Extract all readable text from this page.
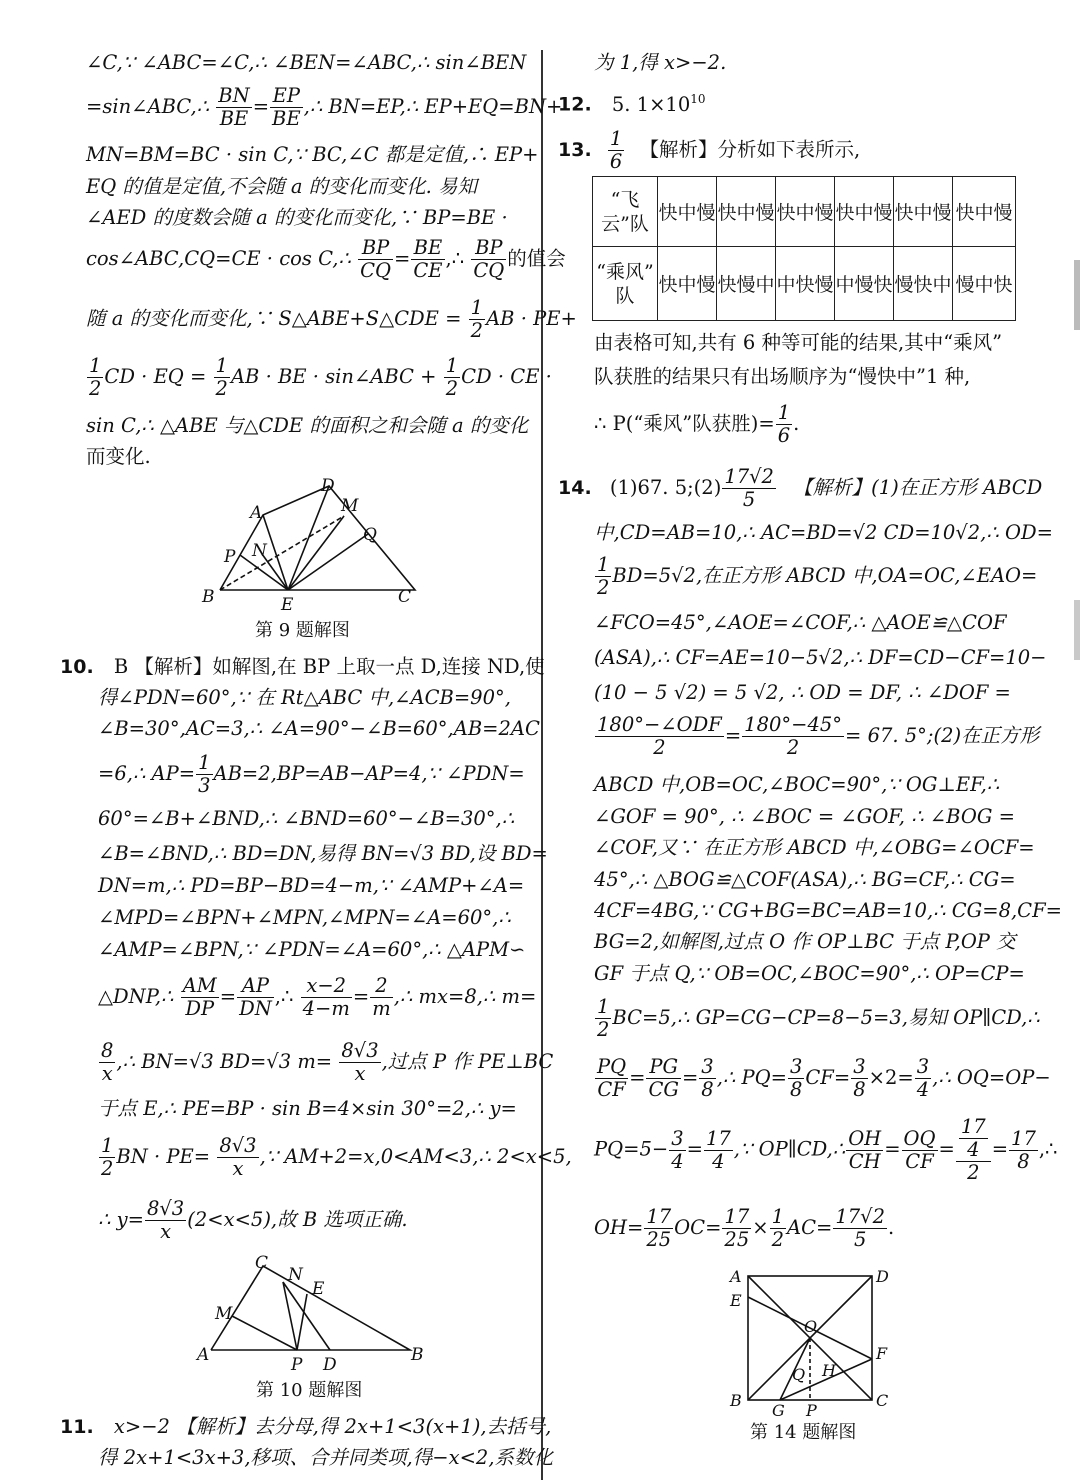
∠C,∵ ∠ABC=∠C,∴ ∠BEN=∠ABC,∴ sin∠BEN
=sin∠ABC,∴ $\frac{BN}{BE} = \frac{EP}{BE}$ ,∴ BN=EP,∴ EP+EQ=BN+
MN=BM=BC · sin C,∵ BC,∠C 都是定值,∴ EP+
EQ 的值是定值,不会随 a 的变化而变化. 易知
∠AED 的度数会随 a 的变化而变化,∵ BP=BE ·
cos∠ABC,CQ=CE · cos C,∴ $\frac{BP}{CQ} = \frac{BE}{CE}$ ,∴ $\frac{BP}{CQ}$ 的值会
随 a 的变化而变化,∵ S△ABE+S△CDE = $\frac{1}{2}$ AB · PE+
$\frac{1}{2}$ CD · EQ = $\frac{1}{2}$ AB · BE · sin∠ABC + $\frac{1}{2}$ CD · CE ·
sin C,∴ △ABE 与△CDE 的面积之和会随 a 的变化
而变化.
A
B	C
D
E
M
N
P
Q
第 9 题解图
10. B 【解析】如解图,在 BP 上取一点 D,连接 ND,使
得∠PDN=60°,∵ 在 Rt△ABC 中,∠ACB=90°,
∠B=30°,AC=3,∴ ∠A=90°−∠B=60°,AB=2AC
=6,∴ $AP= \frac{1}{3}$ AB=2,BP=AB−AP=4,∵ ∠PDN=
60°=∠B+∠BND,∴ ∠BND=60°−∠B=30°,∴
∠B=∠BND,∴ BD=DN,易得 BN=√3 BD,设 BD=
DN=m,∴ PD=BP−BD=4−m,∵ ∠AMP+∠A=
∠MPD=∠BPN+∠MPN,∠MPN=∠A=60°,∴
∠AMP=∠BPN,∵ ∠PDN=∠A=60°,∴ △APM∽
△DNP,∴ $\frac{AM}{DP} = \frac{AP}{DN}$ ,∴ $\frac{x-2}{4-m} = \frac{2}{m}$ ,∴ mx=8,∴ m=
$\frac{8}{x}$ ,∴ BN=√3 BD=√3 $m= \frac{8√3}{x}$ ,过点 P 作 PE⊥BC
于点 E,∴ PE=BP · sin B=4×sin 30°=2,∴ y=
$\frac{1}{2}$ BN · $PE= \frac{8√3}{x}$ ,∵ AM+2=x,0<AM<3,∴ 2<x<5,
∴ $y= \frac{8√3}{x} (2<x<5)$,故 B 选项正确.
A	B
C
D
E
M
N
P
第 10 题解图
11. x>−2 【解析】去分母,得 2x+1<3(x+1),去括号,
得 2x+1<3x+3,移项、合并同类项,得−x<2,系数化
为 1,得 x>−2.
12. 5. $1\times 10^{10}$
13. $\frac{1}{6}$ 【解析】分析如下表所示,
“飞
云”队	快中慢	快中慢	快中慢	快中慢	快中慢	快中慢
“乘风”
队	快中慢	快慢中	中快慢	中慢快	慢快中	慢中快
由表格可知,共有 6 种等可能的结果,其中“乘风”
队获胜的结果只有出场顺序为“慢快中”1 种,
∴ P(“乘风”队获胜)= $\frac{1}{6}$ .
14. (1)67. 5;(2) $\frac{17√2}{5}$ 【解析】(1)在正方形 ABCD
中,CD=AB=10,∴ AC=BD=√2 CD=10√2,∴ OD=
$\frac{1}{2} BD=5√2$,在正方形 ABCD 中,OA=OC,∠EAO=
∠FCO=45°,∠AOE=∠COF,∴ △AOE≌△COF
(ASA),∴ CF=AE=10−5√2,∴ DF=CD−CF=10−
(10 − 5 √2) = 5 √2, ∴ OD = DF, ∴ ∠DOF =
$\frac{\text{180°−∠ODF}}{2} = \frac{180^\circ-45^\circ}{2} = 67$. 5°;(2)在正方形
ABCD 中,OB=OC,∠BOC=90°,∵ OG⊥EF,∴
∠GOF = 90°, ∴ ∠BOC = ∠GOF, ∴ ∠BOG =
∠COF,又∵ 在正方形 ABCD 中,∠OBG=∠OCF=
45°,∴ △BOG≌△COF(ASA),∴ BG=CF,∴ CG=
4CF=4BG,∵ CG+BG=BC=AB=10,∴ CG=8,CF=
BG=2,如解图,过点 O 作 OP⊥BC 于点 P,OP 交
GF 于点 Q,∵ OB=OC,∠BOC=90°,∴ OP=CP=
$\frac{1}{2}$ BC=5,∴ GP=CG−CP=8−5=3,易知 OP∥CD,∴
$\frac{PQ}{CF} = \frac{PG}{CG} = \frac{3}{8}$ ,∴ $PQ= \frac{3}{8} CF= \frac{3}{8} \times 2= \frac{3}{4}$ ,∴ OQ=OP−
$PQ=5- \frac{3}{4} = \frac{17}{4}$ ,∵ OP∥CD,∴ $\frac{OH}{CH} = \frac{OQ}{CF} = \frac{\frac{17}{4}}{2} = \frac{17}{8}$ ,∴
$OH= \frac{17}{25} OC= \frac{17}{25} \times \frac{1}{2} AC= \frac{17√2}{5}$ .
A
B	C
D
E
F
G
H
O
P
Q
第 14 题解图
